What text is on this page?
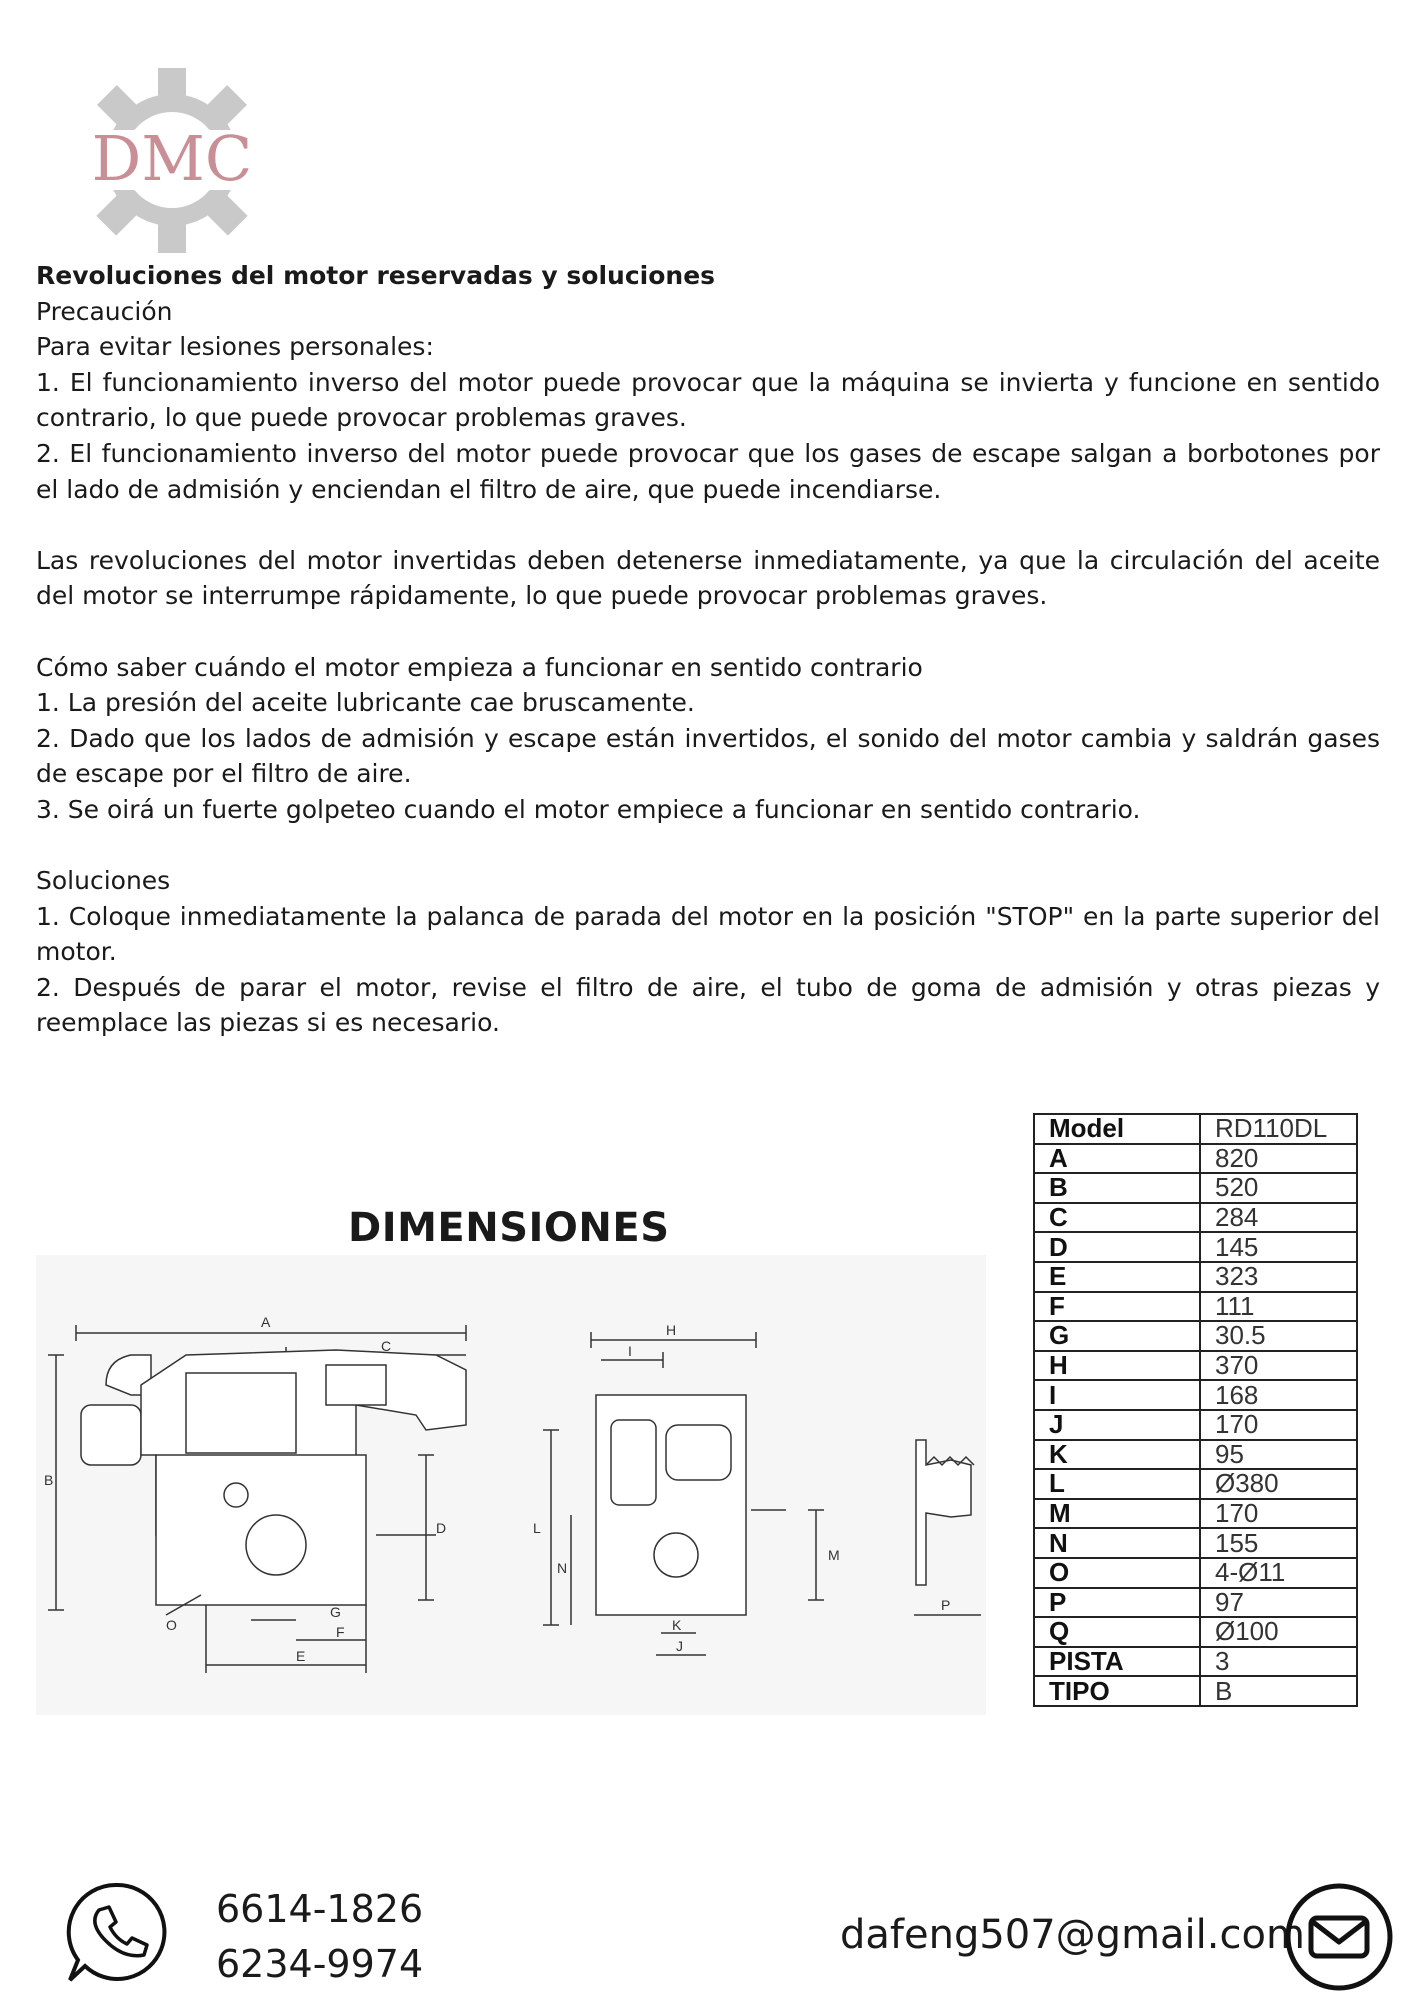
DMC

Revoluciones del motor reservadas y soluciones

Precaución

Para evitar lesiones personales:

1. El funcionamiento inverso del motor puede provocar que la máquina se invierta y funcione en sentido contrario, lo que puede provocar problemas graves.

2. El funcionamiento inverso del motor puede provocar que los gases de escape salgan a borbotones por el lado de admisión y enciendan el filtro de aire, que puede incendiarse.

Las revoluciones del motor invertidas deben detenerse inmediatamente, ya que la circulación del aceite del motor se interrumpe rápidamente, lo que puede provocar problemas graves.

Cómo saber cuándo el motor empieza a funcionar en sentido contrario

1. La presión del aceite lubricante cae bruscamente.

2. Dado que los lados de admisión y escape están invertidos, el sonido del motor cambia y saldrán gases de escape por el filtro de aire.

3. Se oirá un fuerte golpeteo cuando el motor empiece a funcionar en sentido contrario.

Soluciones

1. Coloque inmediatamente la palanca de parada del motor en la posición "STOP" en la parte superior del motor.

2. Después de parar el motor, revise el filtro de aire, el tubo de goma de admisión y otras piezas y reemplace las piezas si es necesario.

DIMENSIONES
A
C
B
D
G
F
E
O
H
I
L
N
M
K
J
P
Model	RD110DL
A	820
B	520
C	284
D	145
E	323
F	111
G	30.5
H	370
I	168
J	170
K	95
L	Ø380
M	170
N	155
O	4-Ø11
P	97
Q	Ø100
PISTA	3
TIPO	B
6614-1826
6234-9974
dafeng507@gmail.com
